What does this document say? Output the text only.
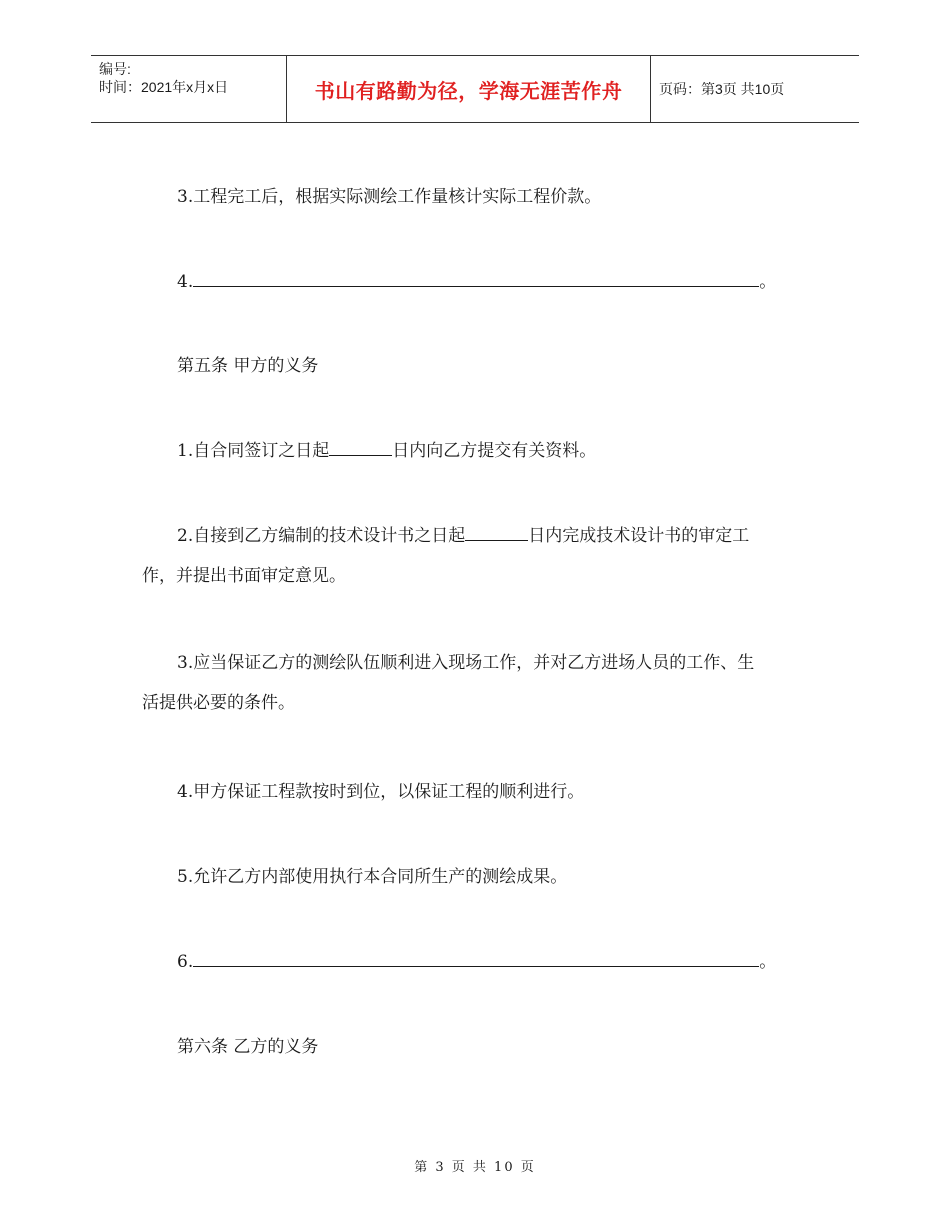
编号:
时间：2021年x月x日	书山有路勤为径，学海无涯苦作舟	页码：第3页 共10页

3.工程完工后，根据实际测绘工作量核计实际工程价款。

4.	。

第五条 甲方的义务

1.自合同签订之日起	日内向乙方提交有关资料。

2.自接到乙方编制的技术设计书之日起	日内完成技术设计书的审定工
作，并提出书面审定意见。

3.应当保证乙方的测绘队伍顺利进入现场工作，并对乙方进场人员的工作、生
活提供必要的条件。

4.甲方保证工程款按时到位，以保证工程的顺利进行。

5.允许乙方内部使用执行本合同所生产的测绘成果。

6.	。

第六条 乙方的义务

第 3 页 共 10 页
